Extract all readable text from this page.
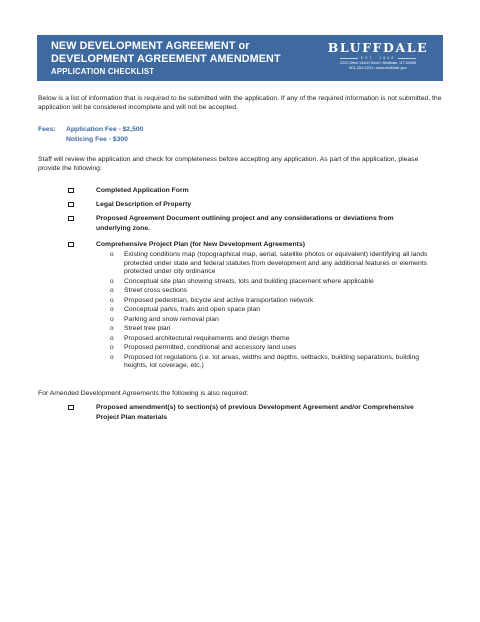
NEW DEVELOPMENT AGREEMENT or
DEVELOPMENT AGREEMENT AMENDMENT
APPLICATION CHECKLIST
BLUFFDALE
EST. 1848
2222 West 14400 South, Bluffdale, UT 84065
801.254.2200 • www.bluffdale.gov

Below is a list of information that is required to be submitted with the application. If any of the required information is not submitted, the application will be considered incomplete and will not be accepted.

Fees: Application Fee - $2,500
Noticing Fee - $300

Staff will review the application and check for completeness before accepting any application. As part of the application, please provide the following:

Completed Application Form
Legal Description of Property
Proposed Agreement Document outlining project and any considerations or deviations from underlying zone.
Comprehensive Project Plan (for New Development Agreements)
o Existing conditions map (topographical map, aerial, satellite photos or equivalent) identifying all lands protected under state and federal statutes from development and any additional features or elements protected under city ordinance
o Conceptual site plan showing streets, lots and building placement where applicable
o Street cross sections
o Proposed pedestrian, bicycle and active transportation network
o Conceptual parks, trails and open space plan
o Parking and snow removal plan
o Street tree plan
o Proposed architectural requirements and design theme
o Proposed permitted, conditional and accessory land uses
o Proposed lot regulations (i.e. lot areas, widths and depths, setbacks, building separations, building heights, lot coverage, etc.)
For Amended Development Agreements the following is also required:
Proposed amendment(s) to section(s) of previous Development Agreement and/or Comprehensive Project Plan materials
